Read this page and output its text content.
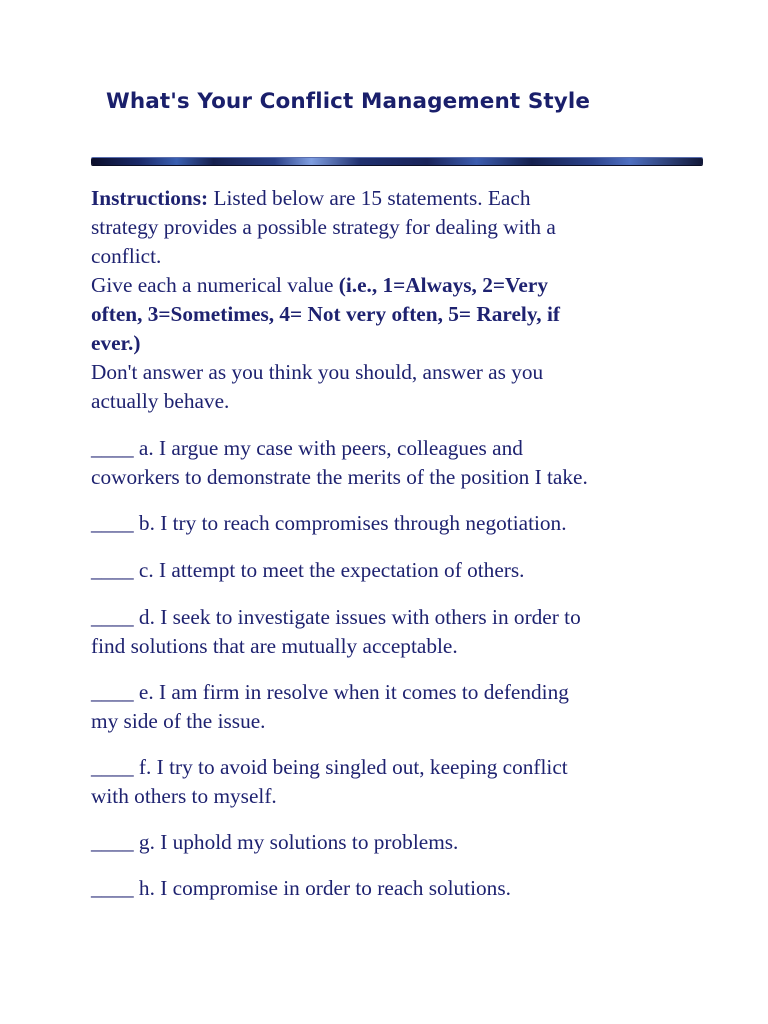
What's Your Conflict Management Style

Instructions: Listed below are 15 statements. Each

strategy provides a possible strategy for dealing with a

conflict.

Give each a numerical value (i.e., 1=Always, 2=Very

often, 3=Sometimes, 4= Not very often, 5= Rarely, if

ever.)

Don't answer as you think you should, answer as you

actually behave.

____ a. I argue my case with peers, colleagues and
coworkers to demonstrate the merits of the position I take.
____ b. I try to reach compromises through negotiation.
____ c. I attempt to meet the expectation of others.
____ d. I seek to investigate issues with others in order to
find solutions that are mutually acceptable.
____ e. I am firm in resolve when it comes to defending
my side of the issue.
____ f. I try to avoid being singled out, keeping conflict
with others to myself.
____ g. I uphold my solutions to problems.
____ h. I compromise in order to reach solutions.
